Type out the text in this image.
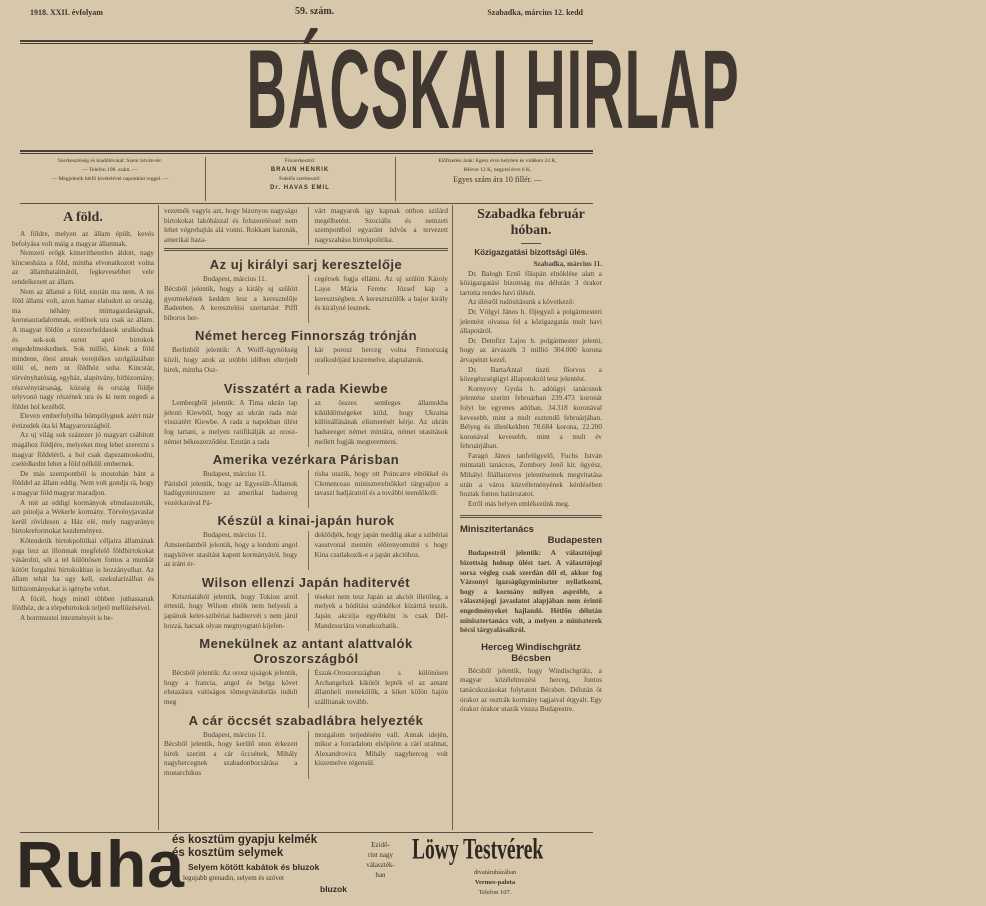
1918. XXII. évfolyam	59. szám.	Szabadka, március 12. kedd
BÁCSKAI HIRLAP
Szerkesztőség és kiadóhivatal: Szent István-tér.
— Telefon 108. szám. —
— Megjelenik hétfő kivételével naponkint reggel. —
Főszerkesztő:
BRAUN HENRIK
Felelős szerkesztő:
Dr. HAVAS EMIL
Előfizetési árak: Egész évre helyben és vidéken 24 K,
félévre 12 K, negyed évre 6 K.
Egyes szám ára 10 fillér. —
A föld.

A földre, melyen az állam épült, kevés befolyása volt máig a magyar államnak.

Nemzeti erőgk kimerithetetlen áldott, nagy kincsesháza a föld, mintha elvonatkozott volna az államhatalmától, legkevesebbet vele rendelkezett az állam.

Nem az államé a föld, ezután ma nem. A mi föld állami volt, azon hamar elaludott az ország, ma néhány mintagazdaságnak, koronauradalomnak, erdőnek ura csak az állam. A magyar földön a tizezerholdasok uralkodnak és sok-sok ezren apró birtokok engedelmeskednek. Sok millió, kinek a föld mindene, élesi annak verejtékes szolgálatában tölti el, nem ut földhöz soha. Kincstár, törvényhatóság, egyház, alapitvány, hitbizomány, részvénytársaság, község és ország földje telyvonó nagy részének ura és ki nem engedi a földet hol kezéből.

Eleven emberfolyóba hömpölygnek azért már évtizedek óta ki Magyarországból.

Az uj világ sok százezer jó magyart csábitott magához földjére, melyeket meg lehet szerezni s magyar földelérő, a hol csak dapszamoskodni, cselédkedni lehet a föld nélküli embernek.

De más szempontból is mostohán bánt a földdel az állam eddig. Nem volt gondja rá, hogy a magyar föld magyar maradjon.

A mit az eddigi kormányok elmulasztották, azt pótolja a Wekerle kormány. Törvényjavaslat kerül rövidesen a Ház elé, mely nagyarányu birtokreformokat kezdeményez.

Kötendetik birtokpolitikai céljaira államának joga lesz az illomnak megfelelő földbirtokokat vásárolni, sőt a tel különösen fontos a munkát kötött forgalmi birtokokban is hozzányulhat. Az állam tehát ha ugy kell, szekularizálhat és hitbizományokat is igénybe vehet.

A föcél, hogy minél többen juthassanak földhöz, de a törpebirtokok teljető mellőzésével.

A hontmustei intezményét is be-

vezetnék vagyis azt, hogy bizonyos nagyságu birtokokat lakóházzal és felszereléssel nem lehet végrehajtás alá vonni. Rokkant katonák, amerikai haza-
várt magyarok igy kapnak otthon szilárd megélhetést. Szociális és nemzeti szempontból egyaránt üdvös a tervezett nagyszabásu birtokpolitika.
Az uj királyi sarj keresztelője
Budapest, március 11.
Bécsből jelentik, hogy a király uj szülött gyermekének kedden lesz a keresztelője Badenben. A keresztelési szertartást Piffl bíboros her-
cegérsek fogja ellátni. Az uj szülött Károly Lajos Mária Ferenc József kap a keresztségben. A keresztszülők a bajor király és királyné lesznek.
Német herceg Finnország trónján
Berlinből jelentik: A Wolff-ügynökség közli, hogy azok az utóbbi időben elterjedt hirek, mintha Osz-
kár porosz herceg volna Finnország uralkodójául kiszemelve, alaptalanok.
Visszatért a rada Kiewbe
Lembergből jelentik: A Tima ukrán lap jelenti Kiewből, hogy az ukrán rada már visszatért Kiewbe. A rada a napokban ülést fog tartani, a melyen ratifikálják az orosz-német békeszerződést. Ezután a rada
az összes semleges államokba kiküldöttségeket küld, hogy Ukraina különállásának elismerését kérje. Az ukrán hadsereget német mintára, német utasitások mellett fogják megteremteni.
Amerika vezérkara Párisban
Budapest, március 11.
Párisból jelentik, hogy az Egyesült-Államok hadügyminisztere az amerikai hadsereg vezérkarával Pá-
risba utazik, hogy ott Poincarre elnökkel és Clemenceau miniszterelnökkel tárgyaljon a tavaszi hadjáratról és a további teendőkről.
Készül a kinai-japán hurok
Budapest, március 11.
Amsterdamból jelentik, hogy a londoni angol nagykövet utasitást kapott kormányától, hogy az iránt ér-
deklődjék, hogy japán meddig akar a szibériai vasutvonal mentén előrenyomulni s hogy Kina csatlakozik-e a japán akcióhoz.
Wilson ellenzi Japán haditervét
Krisztiaiából jelentik, hogy Tokion arról értesül, hogy Wilson elnök nem helyesli a japánok kelet-szibériai haditervét s nem járul hozzá, hacsak olyan megnyugtató kijelen-
téseket nem tesz Japán az akciót illetőleg, a melyek a hódítási szándékot kizárttá teszik. Japán akciója egyébként is csak Dél-Mandzsuriára vonatkozhatik.
Menekülnek az antant alattvalók Oroszországból
Bécsből jelentik: Az orosz ujságok jelentik, hogy a francia, angol és belga követ elutazásra valóságos tömegvándorlás indult meg
Észak-Oroszországban s különösen Archangelszk kikötőt lepték el az antant államheli menekülők, a kiket külön hajón szállitanak tovább.
A cár öccsét szabadlábra helyezték
Budapest, március 11.
Bécsből jelentik, hogy kerülő uton érkezett hirek szerint a cár öccsének, Mihály nagyhercegnek szabadonbocsátása a monarchikus
mozgalom terjedésére vall. Annak idején, mikor a forradalom elsöpörte a cári uralmat, Alexandrovics Mihály nagyherceg volt kiszemelve régensül.
Szabadka február hóban.
Közigazgatási bizottsági ülés.
Szabadka, március 11.

Dr. Balogh Ernő főispán elnöklése alatt a közigazgatási bizottság ma délután 3 órakor tartotta rendes havi ülését.

Az ülésről tudósításunk a következő:

Dr. Völgyi János h. főjegyző a polgármesteri jelentést olvassa fel a közigazgatás mult havi állapotáról.

Dr. Demfirz Lajos h. polgármester jelenti, hogy az árvaszék 3 millió 304.000 korona árvapénzt kezel.

Dr. BartaAntal tiszti főorvos a közegészségügyi állapotokról tesz jelentést.

Kornyovy Gyula h. adóügyi tanácsnok jelentése szerint februárban 239.473 koronát folyt be egyenes adóban, 34.318 koronával kevesebb, mint a mult esztendő februárjában. Bélyeg és illetékekben 78.684 korona, 22.200 koronával kevesebb, mint a mult év februárjában.

Faragó János tanfelügyelő, Fuchs István mintatali tanácsos, Zombory Jenő kir. ügyész, Mihályi főállatorvos jelentéseinek megvitatása után a város közvéleményének kérdésében hoztak fontos határozatot.

Erről más helyen emlékezünk meg.

Miniszitertanács
Budapesten

Budapestről jelentik: A választójogi bizottság holnap ülést tart. A választójogi sorsa végleg csak szerdán dől el, akkor fog Vázsonyi igazságügyminiszter nyilatkozni, hogy a kormány milyen aspróbb, a választójogi javaslatot alapjában nem érintő engedményeket hajlandó. Hétfőn délután minisztertanács volt, a melyen a miniszterek bécsi tárgyalásaikról.

Herceg Windischgrätz
Bécsben

Bécsből jelentik, hogy Windischgrätz, a magyar közélelmezési herceg, fontos tanácskozásokat folytatott Bécsben. Délután öt órakor az osztrák kormány tagjaival érgyalt. Egy órakor órakor utazik vissza Budapestre.

Ruha
és kosztüm gyapju kelmék
és kosztüm selymek
Selyem kötött kabátok és bluzok
legujabb grenadin, selyem és szövet
bluzok
Ezidő-
rint nagy
választék-
ban
Löwy Testvérek
divatáruházában
Vermes-palota
Telefon 107.
